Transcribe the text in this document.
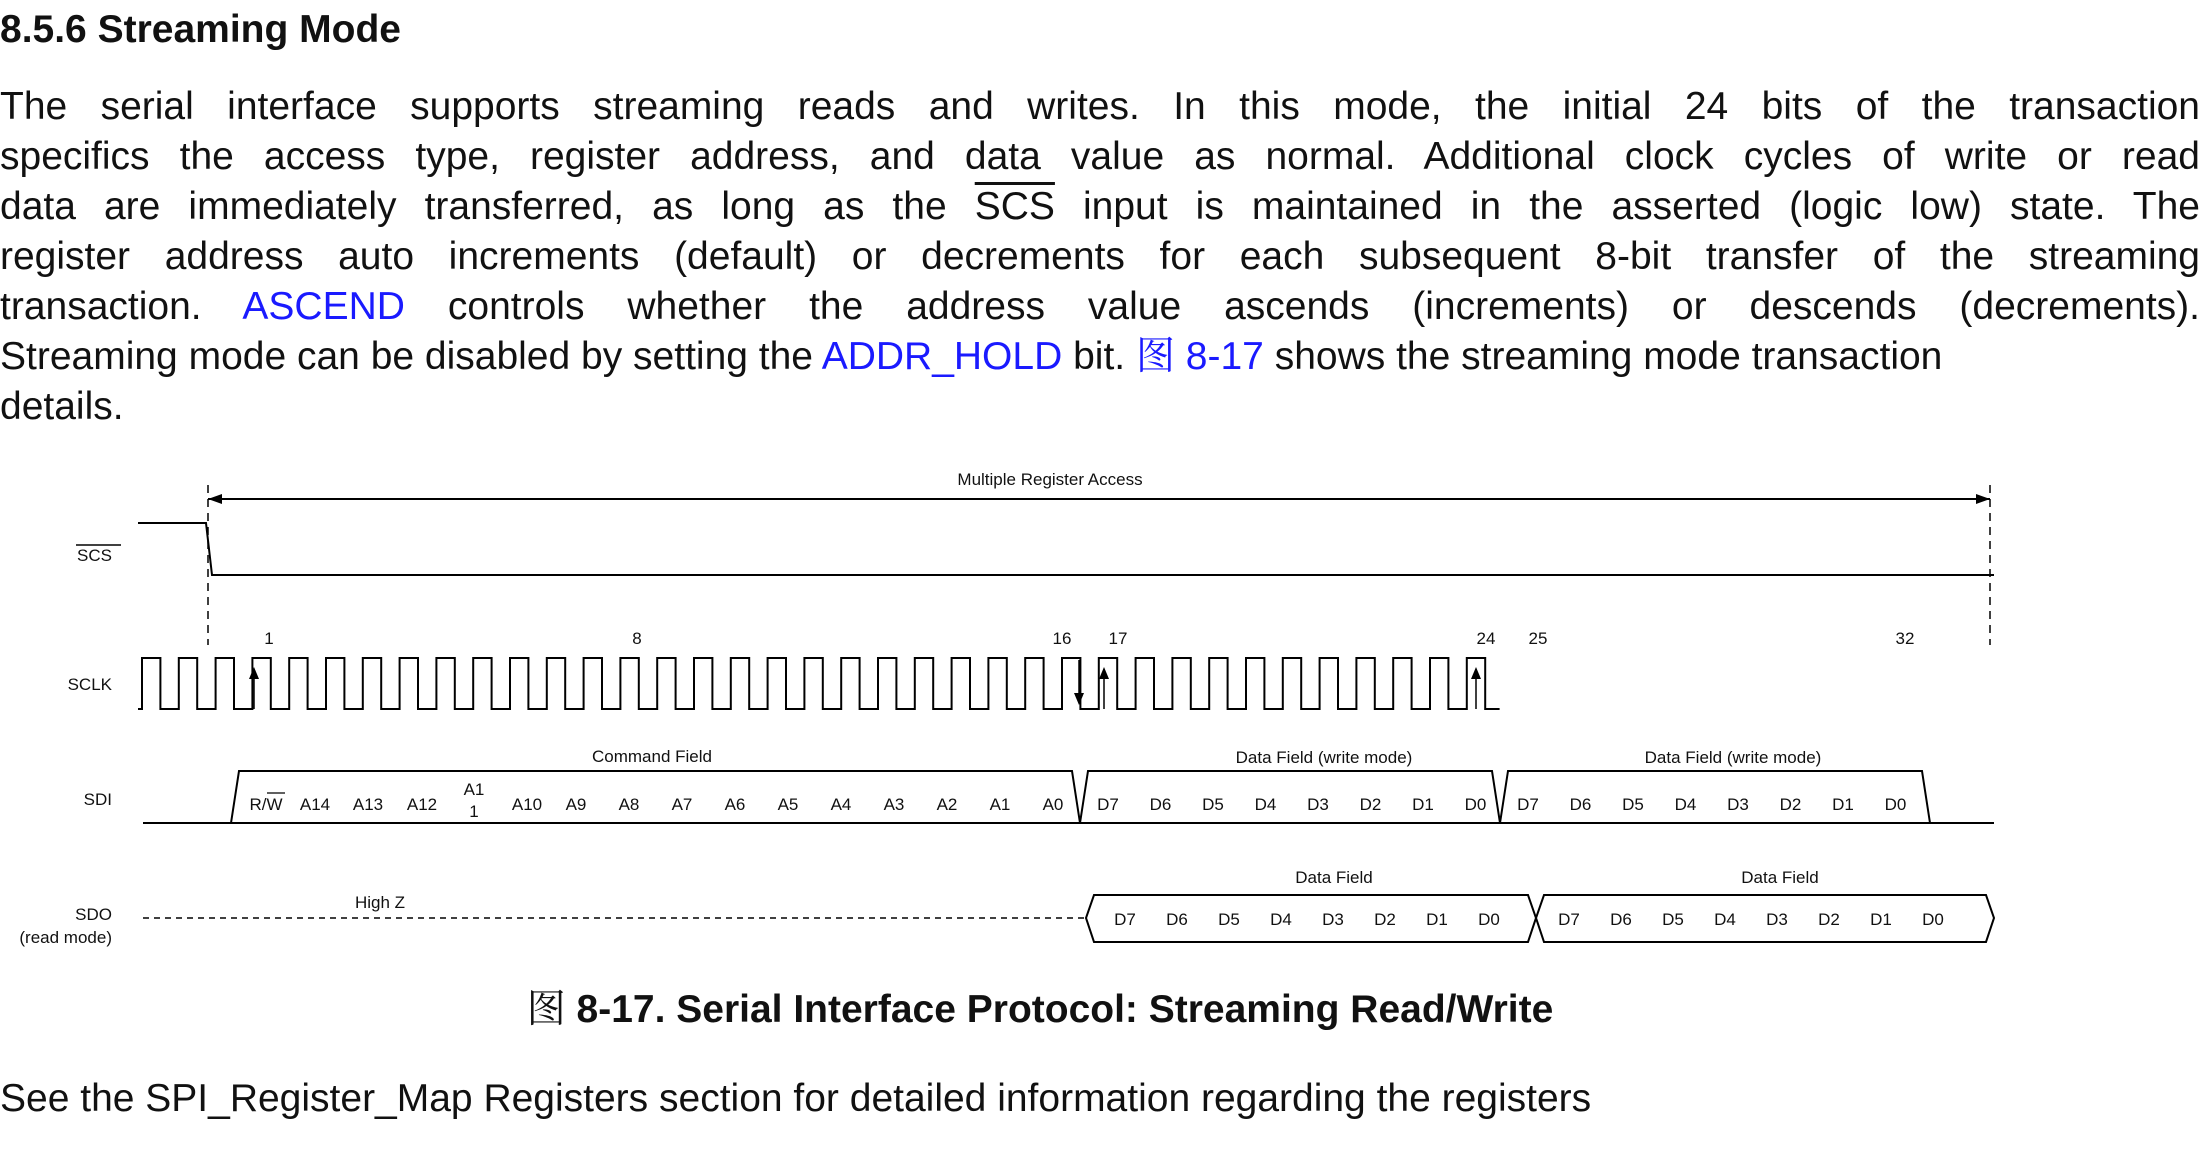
8.5.6 Streaming Mode
The serial interface supports streaming reads and writes. In this mode, the initial 24 bits of the transaction
specifics the access type, register address, and data value as normal. Additional clock cycles of write or read
data are immediately transferred, as long as the $\overline{SCS}$ input is maintained in the asserted (logic low) state. The
register address auto increments (default) or decrements for each subsequent 8-bit transfer of the streaming
transaction. ASCEND controls whether the address value ascends (increments) or descends (decrements).
Streaming mode can be disabled by setting the ADDR_HOLD bit. 图 8-17 shows the streaming mode transaction
details.
1	8	16 17	24 25	32
R/W A14 A13 A12
A1
A10 A9 A8 A7 A6 A5 A4 A3 A2 A1 A0
1	D7 D6 D5 D4 D3 D2 D1 D0 D7 D6 D5 D4 D3 D2 D1 D0
D7 D6 D5 D4 D3 D2 D1 D0	D7 D6 D5 D4 D3 D2 D1 D0
SCS
SCLK
SDI
SDO
(read mode)
Multiple Register Access
Command Field	Data Field (write mode)	Data Field (write mode)
Data Field	Data Field
High Z
图 8-17. Serial Interface Protocol: Streaming Read/Write

See the SPI_Register_Map Registers section for detailed information regarding the registers
